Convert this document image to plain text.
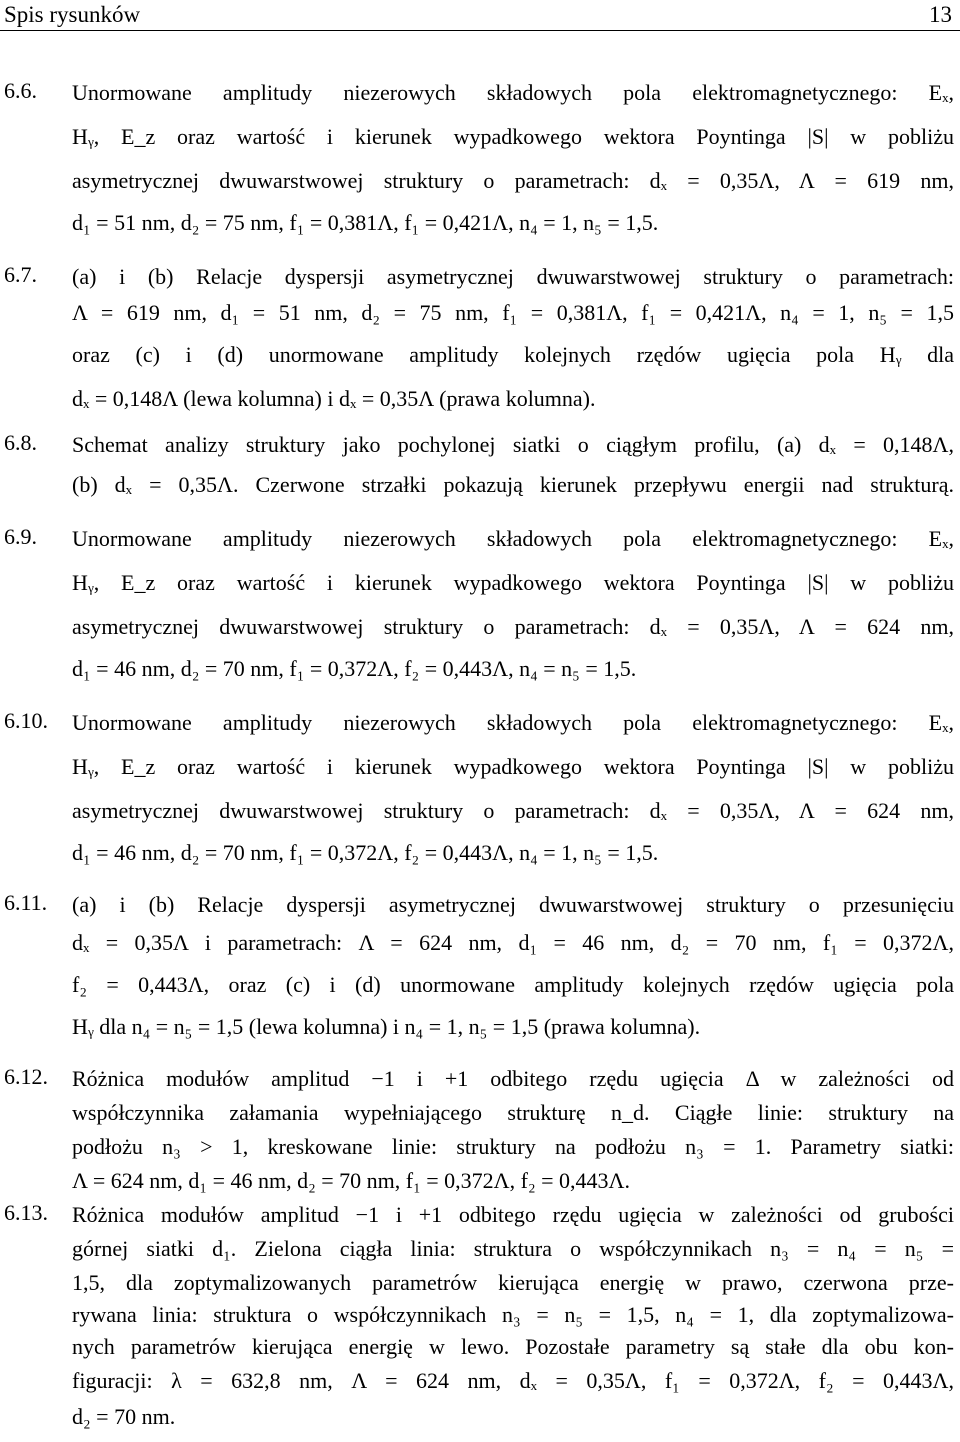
Spis rysunków	13
6.6. Unormowane amplitudy niezerowych składowych pola elektromagnetycznego: Eₓ,
Hᵧ, E_z oraz wartość i kierunek wypadkowego wektora Poyntinga |S| w pobliżu
asymetrycznej dwuwarstwowej struktury o parametrach: dₓ = 0,35Λ, Λ = 619 nm,
d₁ = 51 nm, d₂ = 75 nm, f₁ = 0,381Λ, f₁ = 0,421Λ, n₄ = 1, n₅ = 1,5.
6.7. (a) i (b) Relacje dyspersji asymetrycznej dwuwarstwowej struktury o parametrach:
Λ = 619 nm, d₁ = 51 nm, d₂ = 75 nm, f₁ = 0,381Λ, f₁ = 0,421Λ, n₄ = 1, n₅ = 1,5
oraz (c) i (d) unormowane amplitudy kolejnych rzędów ugięcia pola Hᵧ dla
dₓ = 0,148Λ (lewa kolumna) i dₓ = 0,35Λ (prawa kolumna).
6.8. Schemat analizy struktury jako pochylonej siatki o ciągłym profilu, (a) dₓ = 0,148Λ,
(b) dₓ = 0,35Λ. Czerwone strzałki pokazują kierunek przepływu energii nad strukturą.
6.9. Unormowane amplitudy niezerowych składowych pola elektromagnetycznego: Eₓ,
Hᵧ, E_z oraz wartość i kierunek wypadkowego wektora Poyntinga |S| w pobliżu
asymetrycznej dwuwarstwowej struktury o parametrach: dₓ = 0,35Λ, Λ = 624 nm,
d₁ = 46 nm, d₂ = 70 nm, f₁ = 0,372Λ, f₂ = 0,443Λ, n₄ = n₅ = 1,5.
6.10. Unormowane amplitudy niezerowych składowych pola elektromagnetycznego: Eₓ,
Hᵧ, E_z oraz wartość i kierunek wypadkowego wektora Poyntinga |S| w pobliżu
asymetrycznej dwuwarstwowej struktury o parametrach: dₓ = 0,35Λ, Λ = 624 nm,
d₁ = 46 nm, d₂ = 70 nm, f₁ = 0,372Λ, f₂ = 0,443Λ, n₄ = 1, n₅ = 1,5.
6.11. (a) i (b) Relacje dyspersji asymetrycznej dwuwarstwowej struktury o przesunięciu
dₓ = 0,35Λ i parametrach: Λ = 624 nm, d₁ = 46 nm, d₂ = 70 nm, f₁ = 0,372Λ,
f₂ = 0,443Λ, oraz (c) i (d) unormowane amplitudy kolejnych rzędów ugięcia pola
Hᵧ dla n₄ = n₅ = 1,5 (lewa kolumna) i n₄ = 1, n₅ = 1,5 (prawa kolumna).
6.12. Różnica modułów amplitud −1 i +1 odbitego rzędu ugięcia Δ w zależności od
współczynnika załamania wypełniającego strukturę n_d. Ciągłe linie: struktury na
podłożu n₃ > 1, kreskowane linie: struktury na podłożu n₃ = 1. Parametry siatki:
Λ = 624 nm, d₁ = 46 nm, d₂ = 70 nm, f₁ = 0,372Λ, f₂ = 0,443Λ.
6.13. Różnica modułów amplitud −1 i +1 odbitego rzędu ugięcia w zależności od grubości
górnej siatki d₁. Zielona ciągła linia: struktura o współczynnikach n₃ = n₄ = n₅ =
1,5, dla zoptymalizowanych parametrów kierująca energię w prawo, czerwona prze-
rywana linia: struktura o współczynnikach n₃ = n₅ = 1,5, n₄ = 1, dla zoptymalizowa-
nych parametrów kierująca energię w lewo. Pozostałe parametry są stałe dla obu kon-
figuracji: λ = 632,8 nm, Λ = 624 nm, dₓ = 0,35Λ, f₁ = 0,372Λ, f₂ = 0,443Λ,
d₂ = 70 nm.
